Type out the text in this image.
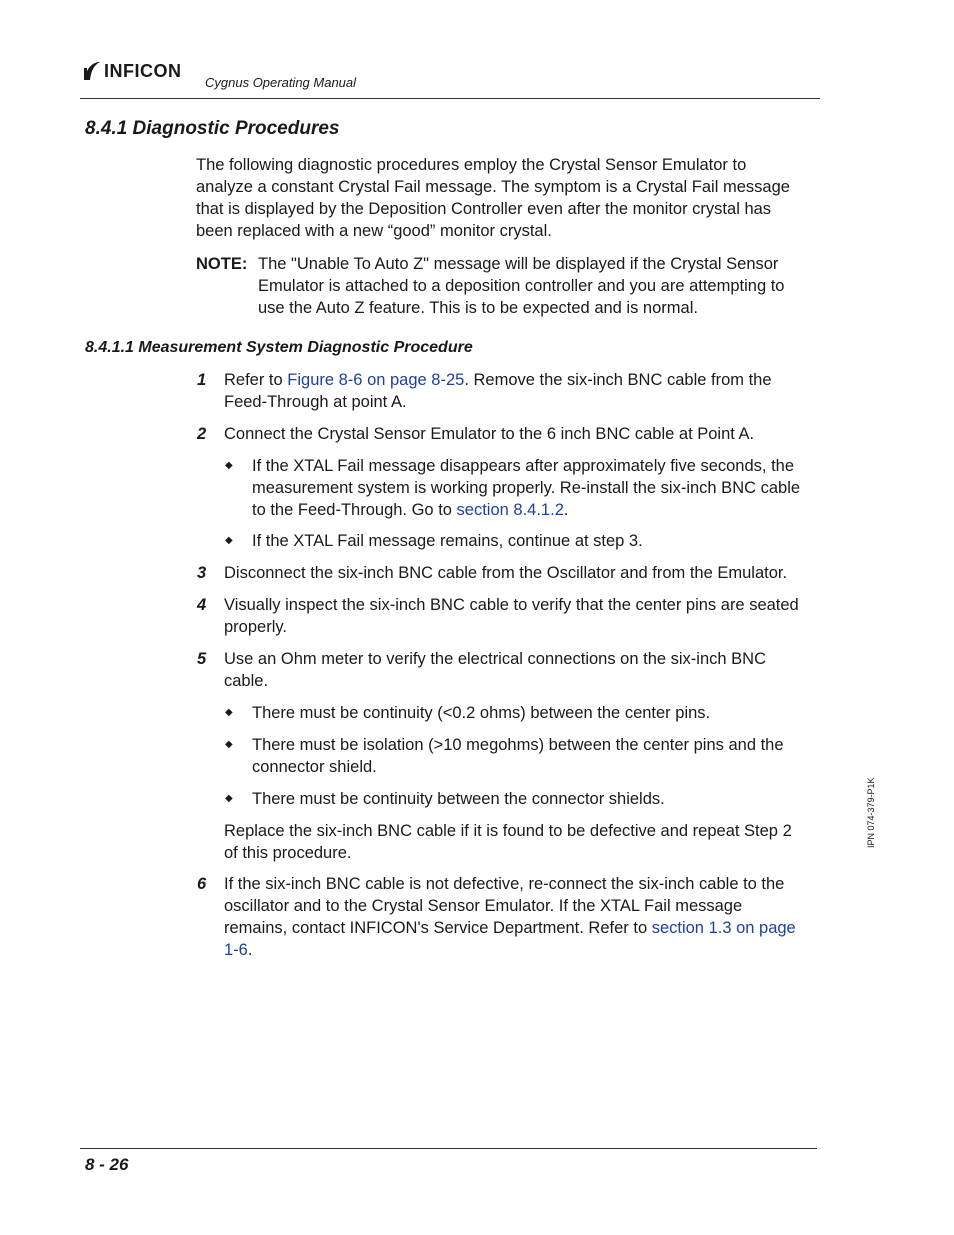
INFICON
Cygnus Operating Manual
8.4.1 Diagnostic Procedures
The following diagnostic procedures employ the Crystal Sensor Emulator to
analyze a constant Crystal Fail message. The symptom is a Crystal Fail message
that is displayed by the Deposition Controller even after the monitor crystal has
been replaced with a new “good” monitor crystal.
NOTE: The "Unable To Auto Z" message will be displayed if the Crystal Sensor
Emulator is attached to a deposition controller and you are attempting to
use the Auto Z feature. This is to be expected and is normal.
8.4.1.1 Measurement System Diagnostic Procedure
1 Refer to Figure 8-6 on page 8-25. Remove the six-inch BNC cable from the
Feed-Through at point A.
2 Connect the Crystal Sensor Emulator to the 6 inch BNC cable at Point A.
◆ If the XTAL Fail message disappears after approximately five seconds, the
measurement system is working properly. Re-install the six-inch BNC cable
to the Feed-Through. Go to section 8.4.1.2.
◆ If the XTAL Fail message remains, continue at step 3.
3 Disconnect the six-inch BNC cable from the Oscillator and from the Emulator.
4 Visually inspect the six-inch BNC cable to verify that the center pins are seated
properly.
5 Use an Ohm meter to verify the electrical connections on the six-inch BNC
cable.
◆ There must be continuity (<0.2 ohms) between the center pins.
◆ There must be isolation (>10 megohms) between the center pins and the
connector shield.
◆ There must be continuity between the connector shields.
Replace the six-inch BNC cable if it is found to be defective and repeat Step 2
of this procedure.
6 If the six-inch BNC cable is not defective, re-connect the six-inch cable to the
oscillator and to the Crystal Sensor Emulator. If the XTAL Fail message
remains, contact INFICON's Service Department. Refer to section 1.3 on page
1-6.
IPN 074-379-P1K
8 - 26
